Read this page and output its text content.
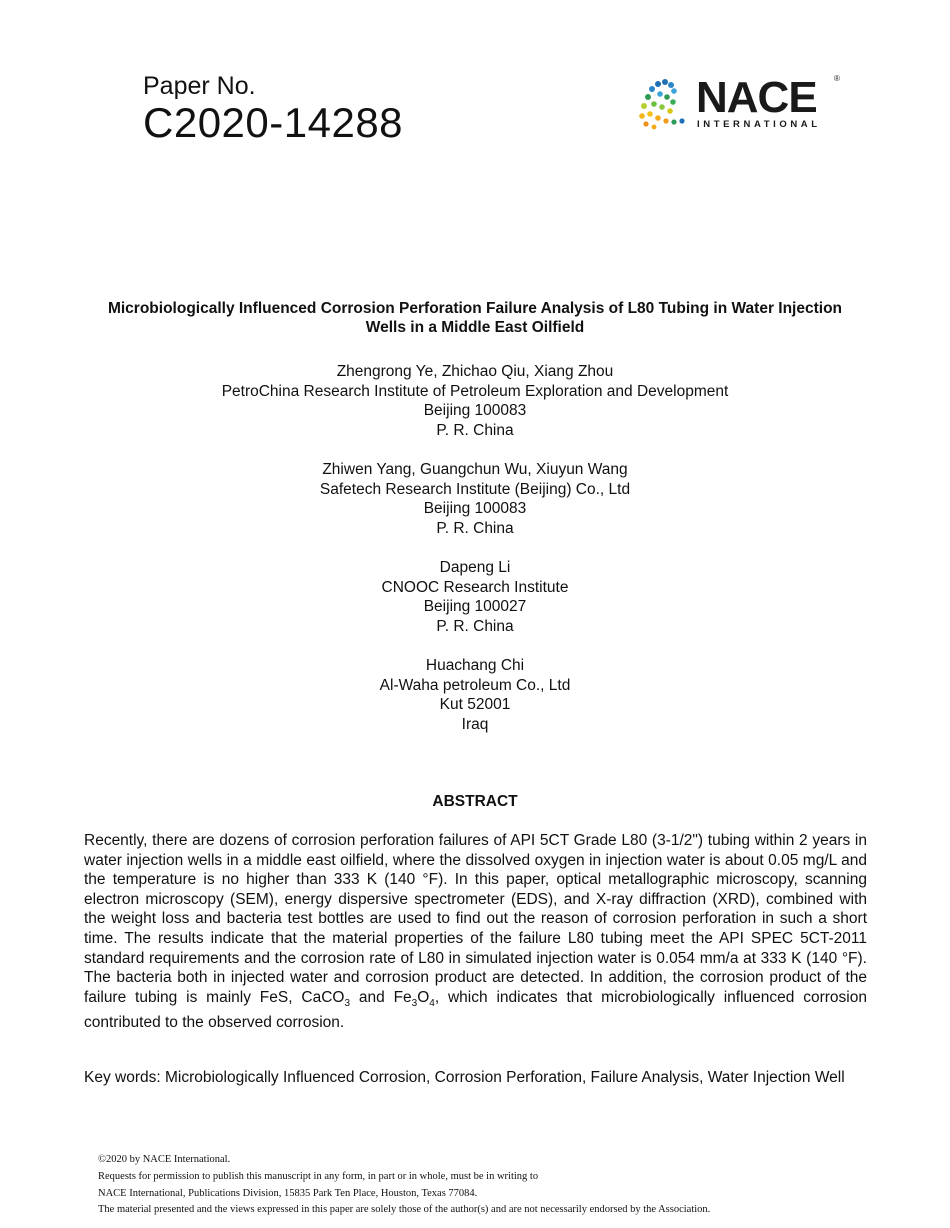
Paper No.
C2020-14288
NACE ®
INTERNATIONAL
Microbiologically Influenced Corrosion Perforation Failure Analysis of L80 Tubing in Water Injection Wells in a Middle East Oilfield
Zhengrong Ye, Zhichao Qiu, Xiang Zhou
PetroChina Research Institute of Petroleum Exploration and Development
Beijing 100083
P. R. China
Zhiwen Yang, Guangchun Wu, Xiuyun Wang
Safetech Research Institute (Beijing) Co., Ltd
Beijing 100083
P. R. China
Dapeng Li
CNOOC Research Institute
Beijing 100027
P. R. China
Huachang Chi
Al-Waha petroleum Co., Ltd
Kut 52001
Iraq
ABSTRACT

Recently, there are dozens of corrosion perforation failures of API 5CT Grade L80 (3-1/2") tubing within 2 years in water injection wells in a middle east oilfield, where the dissolved oxygen in injection water is about 0.05 mg/L and the temperature is no higher than 333 K (140 °F). In this paper, optical metallographic microscopy, scanning electron microscopy (SEM), energy dispersive spectrometer (EDS), and X-ray diffraction (XRD), combined with the weight loss and bacteria test bottles are used to find out the reason of corrosion perforation in such a short time. The results indicate that the material properties of the failure L80 tubing meet the API SPEC 5CT-2011 standard requirements and the corrosion rate of L80 in simulated injection water is 0.054 mm/a at 333 K (140 °F). The bacteria both in injected water and corrosion product are detected. In addition, the corrosion product of the failure tubing is mainly FeS, CaCO$_3$ and $Fe_3O_4$, which indicates that microbiologically influenced corrosion contributed to the observed corrosion.

Key words: Microbiologically Influenced Corrosion, Corrosion Perforation, Failure Analysis, Water Injection Well

©2020 by NACE International.
Requests for permission to publish this manuscript in any form, in part or in whole, must be in writing to
NACE International, Publications Division, 15835 Park Ten Place, Houston, Texas 77084.
The material presented and the views expressed in this paper are solely those of the author(s) and are not necessarily endorsed by the Association.
